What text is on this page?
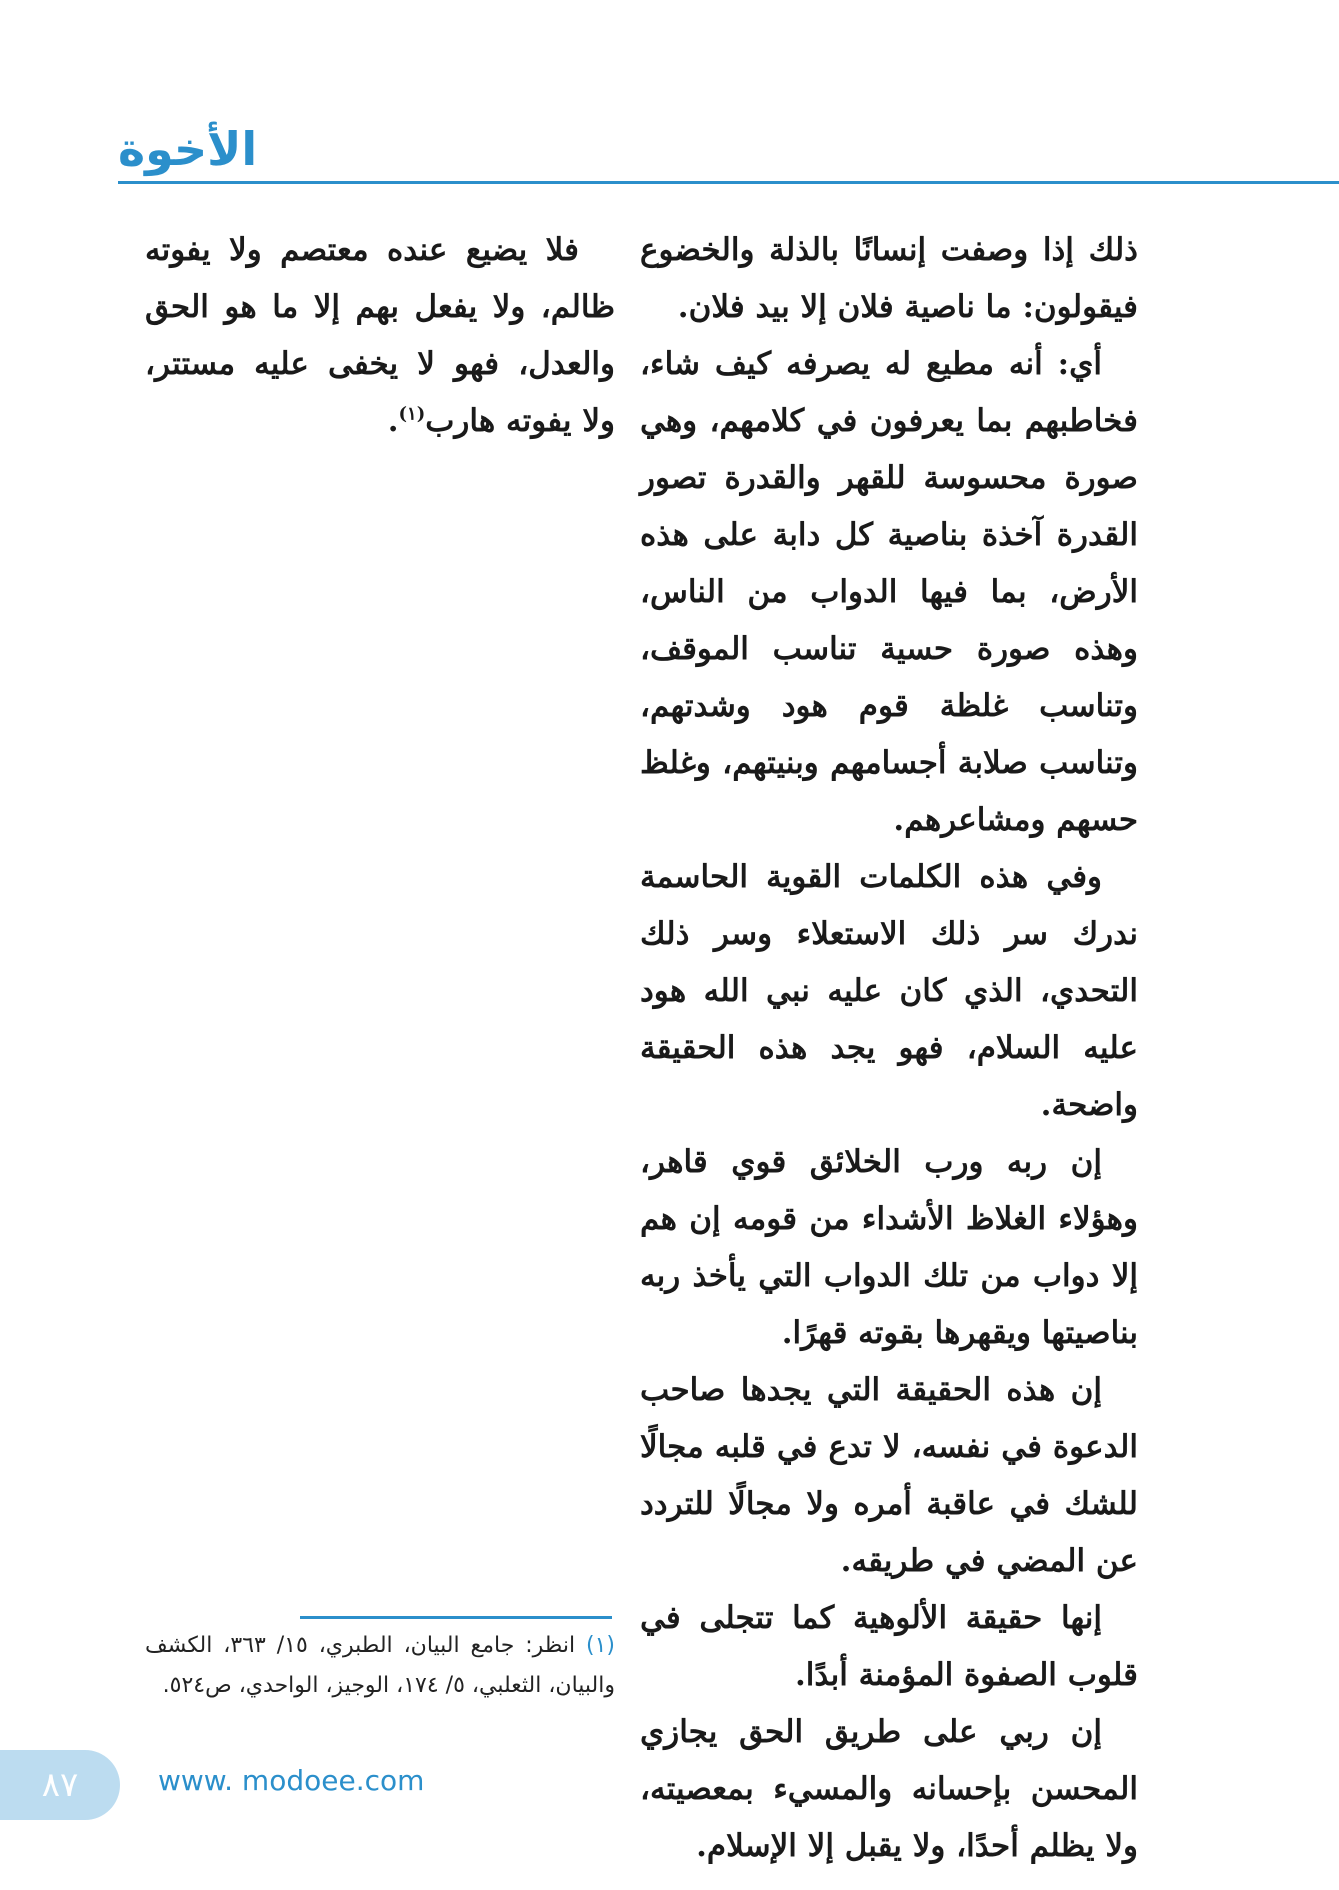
الأخوة

ذلك إذا وصفت إنسانًا بالذلة والخضوع فيقولون: ما ناصية فلان إلا بيد فلان.

أي: أنه مطيع له يصرفه كيف شاء، فخاطبهم بما يعرفون في كلامهم، وهي صورة محسوسة للقهر والقدرة تصور القدرة آخذة بناصية كل دابة على هذه الأرض، بما فيها الدواب من الناس، وهذه صورة حسية تناسب الموقف، وتناسب غلظة قوم هود وشدتهم، وتناسب صلابة أجسامهم وبنيتهم، وغلظ حسهم ومشاعرهم.

وفي هذه الكلمات القوية الحاسمة ندرك سر ذلك الاستعلاء وسر ذلك التحدي، الذي كان عليه نبي الله هود عليه السلام، فهو يجد هذه الحقيقة واضحة.

إن ربه ورب الخلائق قوي قاهر، وهؤلاء الغلاظ الأشداء من قومه إن هم إلا دواب من تلك الدواب التي يأخذ ربه بناصيتها ويقهرها بقوته قهرًا.

إن هذه الحقيقة التي يجدها صاحب الدعوة في نفسه، لا تدع في قلبه مجالًا للشك في عاقبة أمره ولا مجالًا للتردد عن المضي في طريقه.

إنها حقيقة الألوهية كما تتجلى في قلوب الصفوة المؤمنة أبدًا.

إن ربي على طريق الحق يجازي المحسن بإحسانه والمسيء بمعصيته، ولا يظلم أحدًا، ولا يقبل إلا الإسلام.

فلا يضيع عنده معتصم ولا يفوته ظالم، ولا يفعل بهم إلا ما هو الحق والعدل، فهو لا يخفى عليه مستتر، ولا يفوته هارب$^{(١)}$.

(١) انظر: جامع البيان، الطبري، ١٥/ ٣٦٣، الكشف والبيان، الثعلبي، ٥/ ١٧٤، الوجيز، الواحدي، ص٥٢٤.
٨٧	www. modoee.com
